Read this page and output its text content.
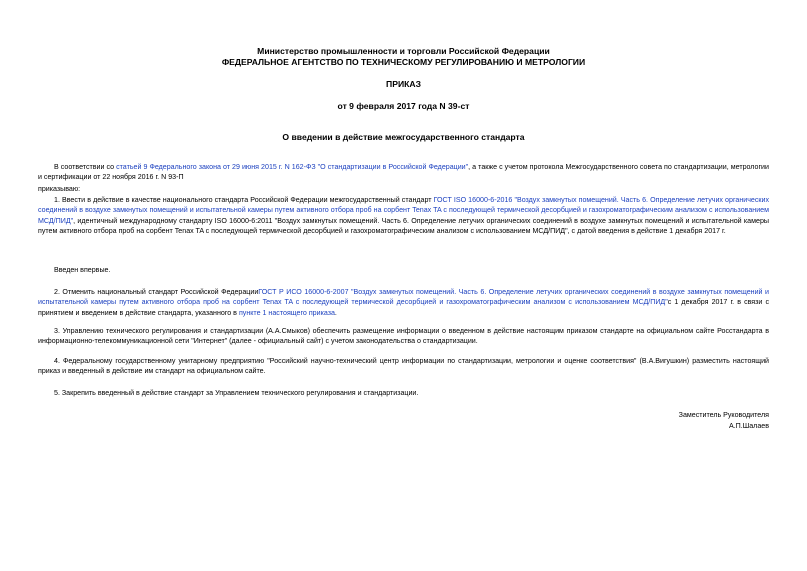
Министерство промышленности и торговли Российской Федерации
ФЕДЕРАЛЬНОЕ АГЕНТСТВО ПО ТЕХНИЧЕСКОМУ РЕГУЛИРОВАНИЮ И МЕТРОЛОГИИ
ПРИКАЗ
от 9 февраля 2017 года N 39-ст
О введении в действие межгосударственного стандарта
В соответствии со статьей 9 Федерального закона от 29 июня 2015 г. N 162-ФЗ "О стандартизации в Российской Федерации", а также с учетом протокола Межгосударственного совета по стандартизации, метрологии и сертификации от 22 ноября 2016 г. N 93-П
приказываю:
1. Ввести в действие в качестве национального стандарта Российской Федерации межгосударственный стандарт ГОСТ ISO 16000-6-2016 "Воздух замкнутых помещений. Часть 6. Определение летучих органических соединений в воздухе замкнутых помещений и испытательной камеры путем активного отбора проб на сорбент Tenax TA с последующей термической десорбцией и газохроматографическим анализом с использованием МСД/ПИД", идентичный международному стандарту ISO 16000-6:2011 "Воздух замкнутых помещений. Часть 6. Определение летучих органических соединений в воздухе замкнутых помещений и испытательной камеры путем активного отбора проб на сорбент Tenax TA с последующей термической десорбцией и газохроматографическим анализом с использованием МСД/ПИД", с датой введения в действие 1 декабря 2017 г.
Введен впервые.
2. Отменить национальный стандарт Российской ФедерацииГОСТ Р ИСО 16000-6-2007 "Воздух замкнутых помещений. Часть 6. Определение летучих органических соединений в воздухе замкнутых помещений и испытательной камеры путем активного отбора проб на сорбент Tenax TA с последующей термической десорбцией и газохроматографическим анализом с использованием МСД/ПИД"с 1 декабря 2017 г. в связи с принятием и введением в действие стандарта, указанного в пункте 1 настоящего приказа.
3. Управлению технического регулирования и стандартизации (А.А.Смыков) обеспечить размещение информации о введенном в действие настоящим приказом стандарте на официальном сайте Росстандарта в информационно-телекоммуникационной сети "Интернет" (далее - официальный сайт) с учетом законодательства о стандартизации.
4. Федеральному государственному унитарному предприятию "Российский научно-технический центр информации по стандартизации, метрологии и оценке соответствия" (В.А.Вигушкин) разместить настоящий приказ и введенный в действие им стандарт на официальном сайте.
5. Закрепить введенный в действие стандарт за Управлением технического регулирования и стандартизации.
Заместитель Руководителя
А.П.Шалаев
